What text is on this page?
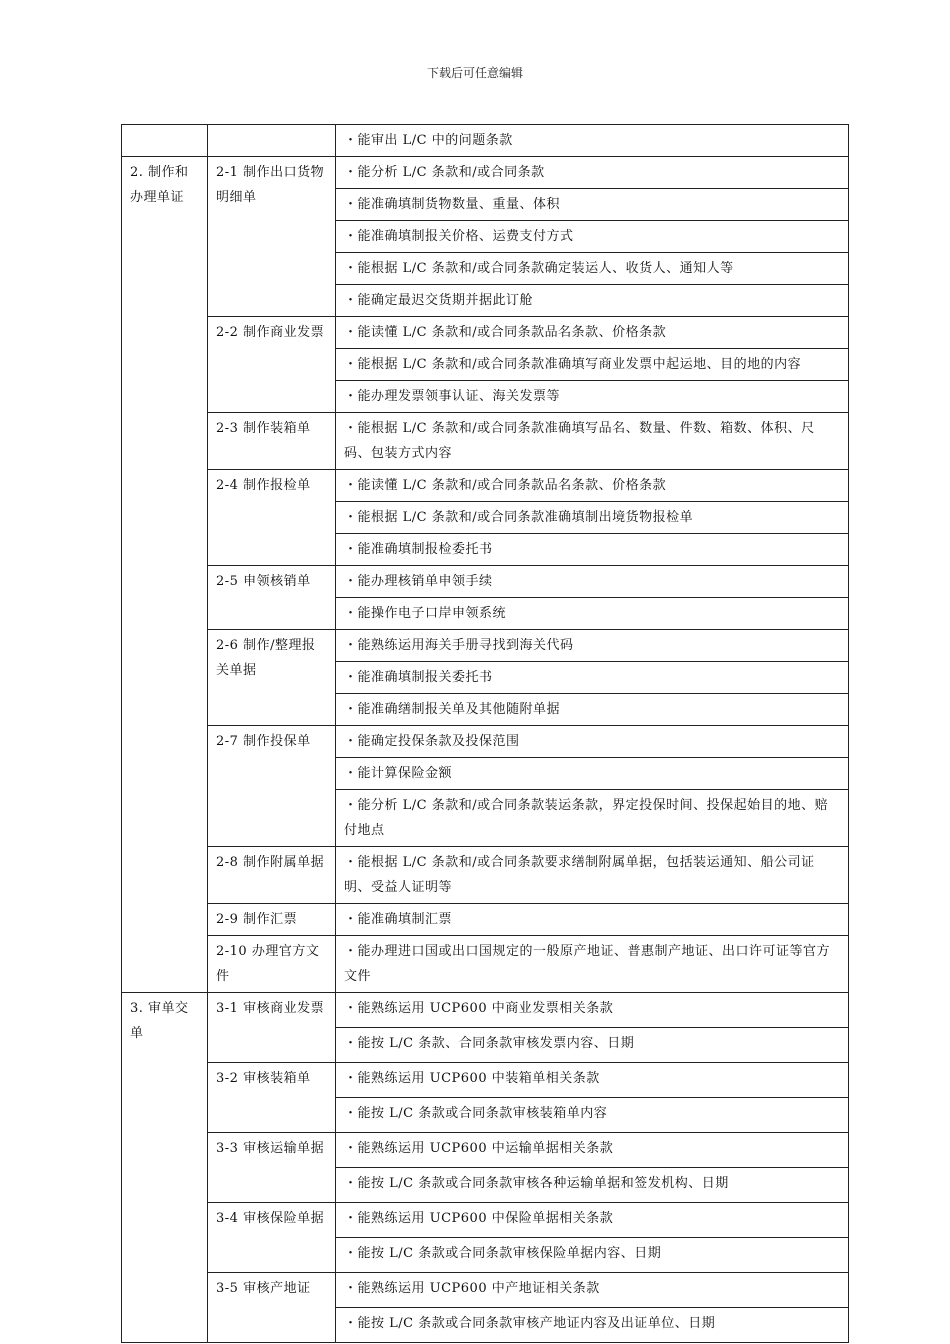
下载后可任意编辑
		・能审出 L/C 中的问题条款
2. 制作和办理单证	2-1 制作出口货物明细单	・能分析 L/C 条款和/或合同条款
		・能准确填制货物数量、重量、体积
		・能准确填制报关价格、运费支付方式
		・能根据 L/C 条款和/或合同条款确定装运人、收货人、通知人等
		・能确定最迟交货期并据此订舱
	2-2 制作商业发票	・能读懂 L/C 条款和/或合同条款品名条款、价格条款
		・能根据 L/C 条款和/或合同条款准确填写商业发票中起运地、目的地的内容
		・能办理发票领事认证、海关发票等
	2-3 制作装箱单	・能根据 L/C 条款和/或合同条款准确填写品名、数量、件数、箱数、体积、尺码、包装方式内容
	2-4 制作报检单	・能读懂 L/C 条款和/或合同条款品名条款、价格条款
		・能根据 L/C 条款和/或合同条款准确填制出境货物报检单
		・能准确填制报检委托书
	2-5 申领核销单	・能办理核销单申领手续
		・能操作电子口岸申领系统
	2-6 制作/整理报关单据	・能熟练运用海关手册寻找到海关代码
		・能准确填制报关委托书
		・能准确缮制报关单及其他随附单据
	2-7 制作投保单	・能确定投保条款及投保范围
		・能计算保险金额
		・能分析 L/C 条款和/或合同条款装运条款，界定投保时间、投保起始目的地、赔付地点
	2-8 制作附属单据	・能根据 L/C 条款和/或合同条款要求缮制附属单据，包括装运通知、船公司证明、受益人证明等
	2-9 制作汇票	・能准确填制汇票
	2-10 办理官方文件	・能办理进口国或出口国规定的一般原产地证、普惠制产地证、出口许可证等官方文件
3. 审单交单	3-1 审核商业发票	・能熟练运用 UCP600 中商业发票相关条款
		・能按 L/C 条款、合同条款审核发票内容、日期
	3-2 审核装箱单	・能熟练运用 UCP600 中装箱单相关条款
		・能按 L/C 条款或合同条款审核装箱单内容
	3-3 审核运输单据	・能熟练运用 UCP600 中运输单据相关条款
		・能按 L/C 条款或合同条款审核各种运输单据和签发机构、日期
	3-4 审核保险单据	・能熟练运用 UCP600 中保险单据相关条款
		・能按 L/C 条款或合同条款审核保险单据内容、日期
	3-5 审核产地证	・能熟练运用 UCP600 中产地证相关条款
		・能按 L/C 条款或合同条款审核产地证内容及出证单位、日期
